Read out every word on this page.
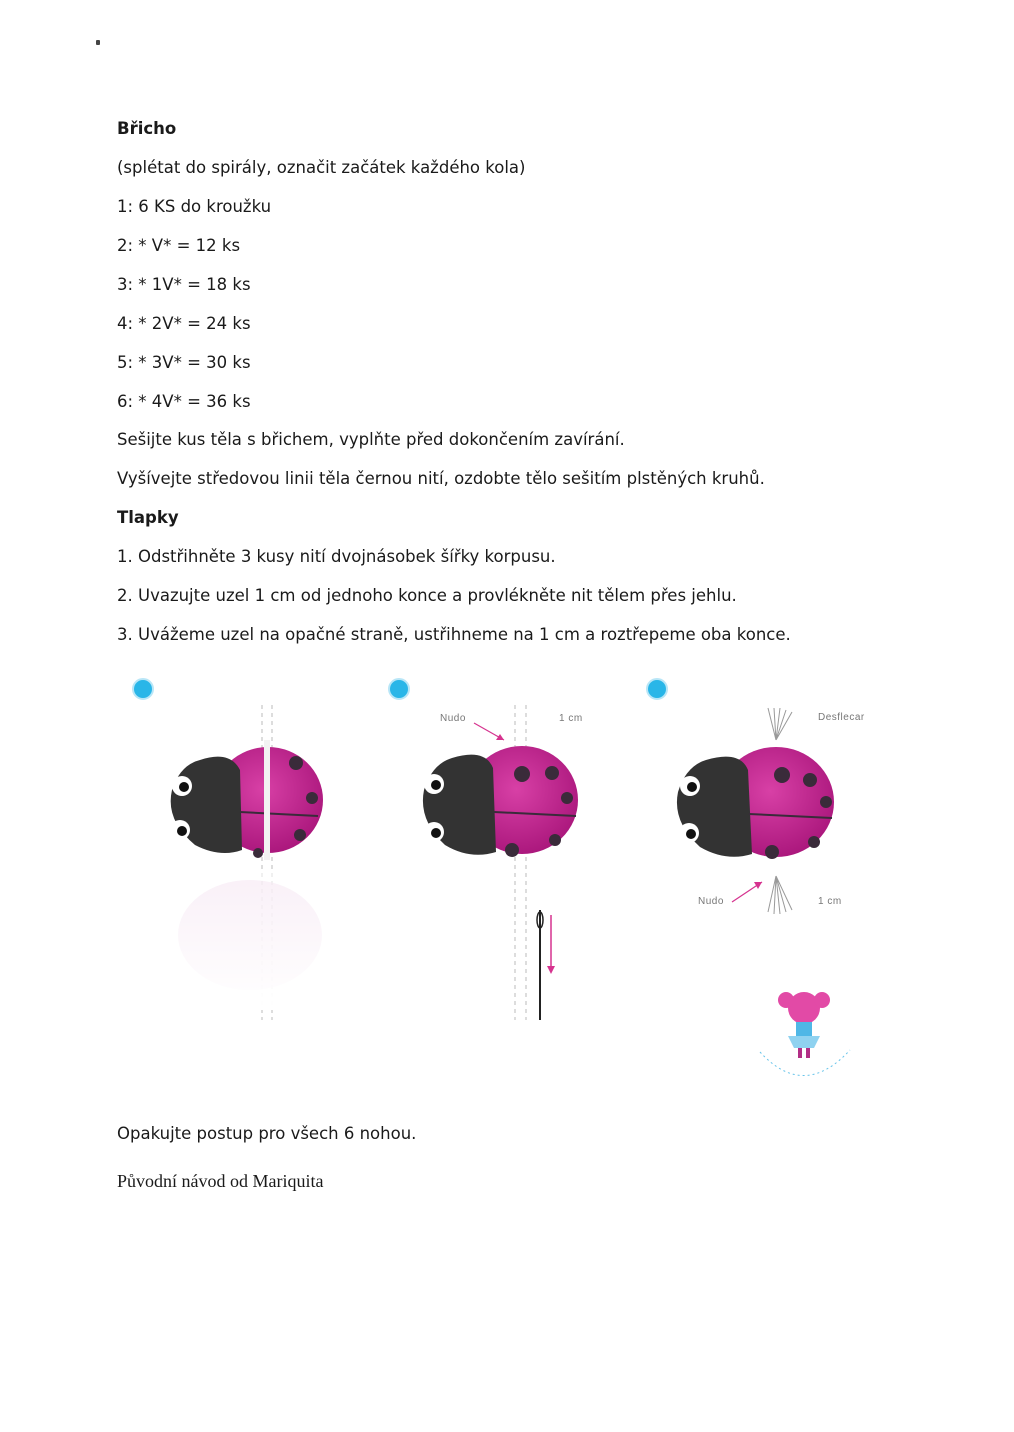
Břicho
(splétat do spirály, označit začátek každého kola)
1: 6 KS do kroužku
2: * V* = 12 ks
3: * 1V* = 18 ks
4: * 2V* = 24 ks
5: * 3V* = 30 ks
6: * 4V* = 36 ks
Sešijte kus těla s břichem, vyplňte před dokončením zavírání.
Vyšívejte středovou linii těla černou nití, ozdobte tělo sešitím plstěných kruhů.
Tlapky
1. Odstřihněte 3 kusy nití dvojnásobek šířky korpusu.
2. Uvazujte uzel 1 cm od jednoho konce a provlékněte nit tělem přes jehlu.
3. Uvážeme uzel na opačné straně, ustřihneme na 1 cm a roztřepeme oba konce.
Nudo	1 cm	Desflecar
Nudo	1 cm
Opakujte postup pro všech 6 nohou.
Původní návod od Mariquita
